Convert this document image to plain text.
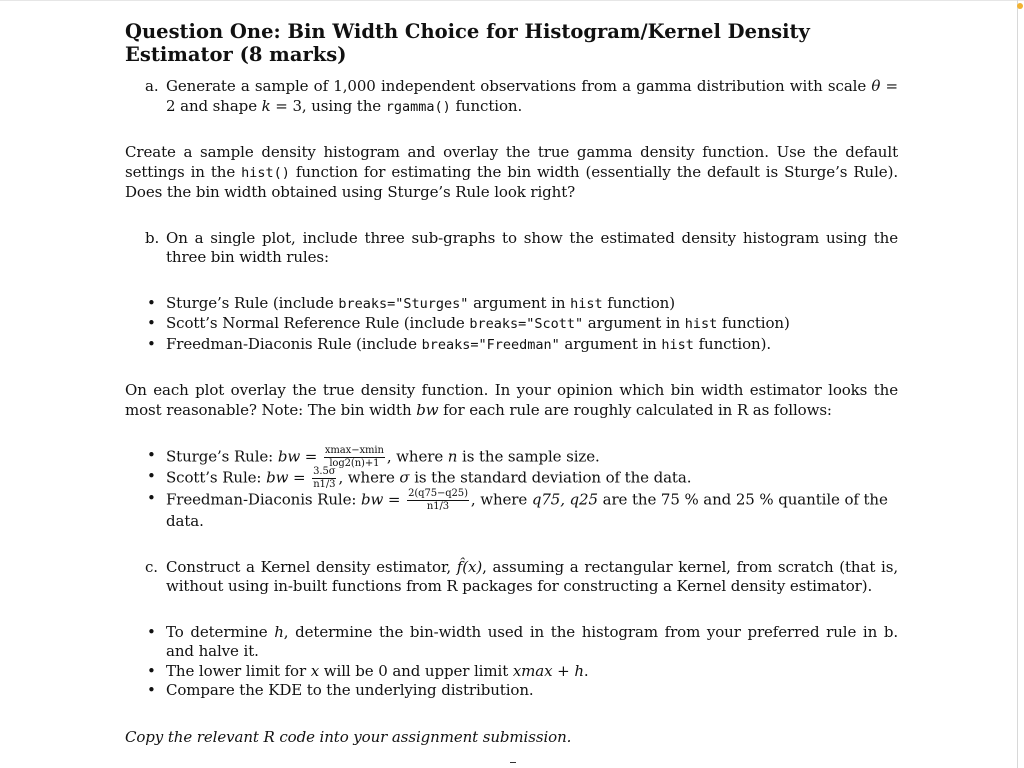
Question One: Bin Width Choice for Histogram/Kernel Density Estimator (8 marks)
a. Generate a sample of 1,000 independent observations from a gamma distribution with scale θ = 2 and shape k = 3, using the rgamma() function.

Create a sample density histogram and overlay the true gamma density function. Use the default settings in the hist() function for estimating the bin width (essentially the default is Sturge’s Rule). Does the bin width obtained using Sturge’s Rule look right?

b. On a single plot, include three sub-graphs to show the estimated density histogram using the three bin width rules:
• Sturge’s Rule (include breaks="Sturges" argument in hist function)
• Scott’s Normal Reference Rule (include breaks="Scott" argument in hist function)
• Freedman-Diaconis Rule (include breaks="Freedman" argument in hist function).

On each plot overlay the true density function. In your opinion which bin width estimator looks the most reasonable? Note: The bin width bw for each rule are roughly calculated in R as follows:

• Sturge’s Rule: bw = $\frac{xmax-xmin}{\log 2(n)+1}$ , where n is the sample size.
• Scott’s Rule: bw = $\frac{3.5\sigma}{n1/3}$ , where σ is the standard deviation of the data.
• Freedman-Diaconis Rule: bw = $\frac{2(q75-q25)}{n1/3}$ , where q75, q25 are the 75 % and 25 % quantile of the data.
c. Construct a Kernel density estimator, f̂(x), assuming a rectangular kernel, from scratch (that is, without using in-built functions from R packages for constructing a Kernel density estimator).
• To determine h, determine the bin-width used in the histogram from your preferred rule in b. and halve it.
• The lower limit for x will be 0 and upper limit xmax + h.
• Compare the KDE to the underlying distribution.

Copy the relevant R code into your assignment submission.
